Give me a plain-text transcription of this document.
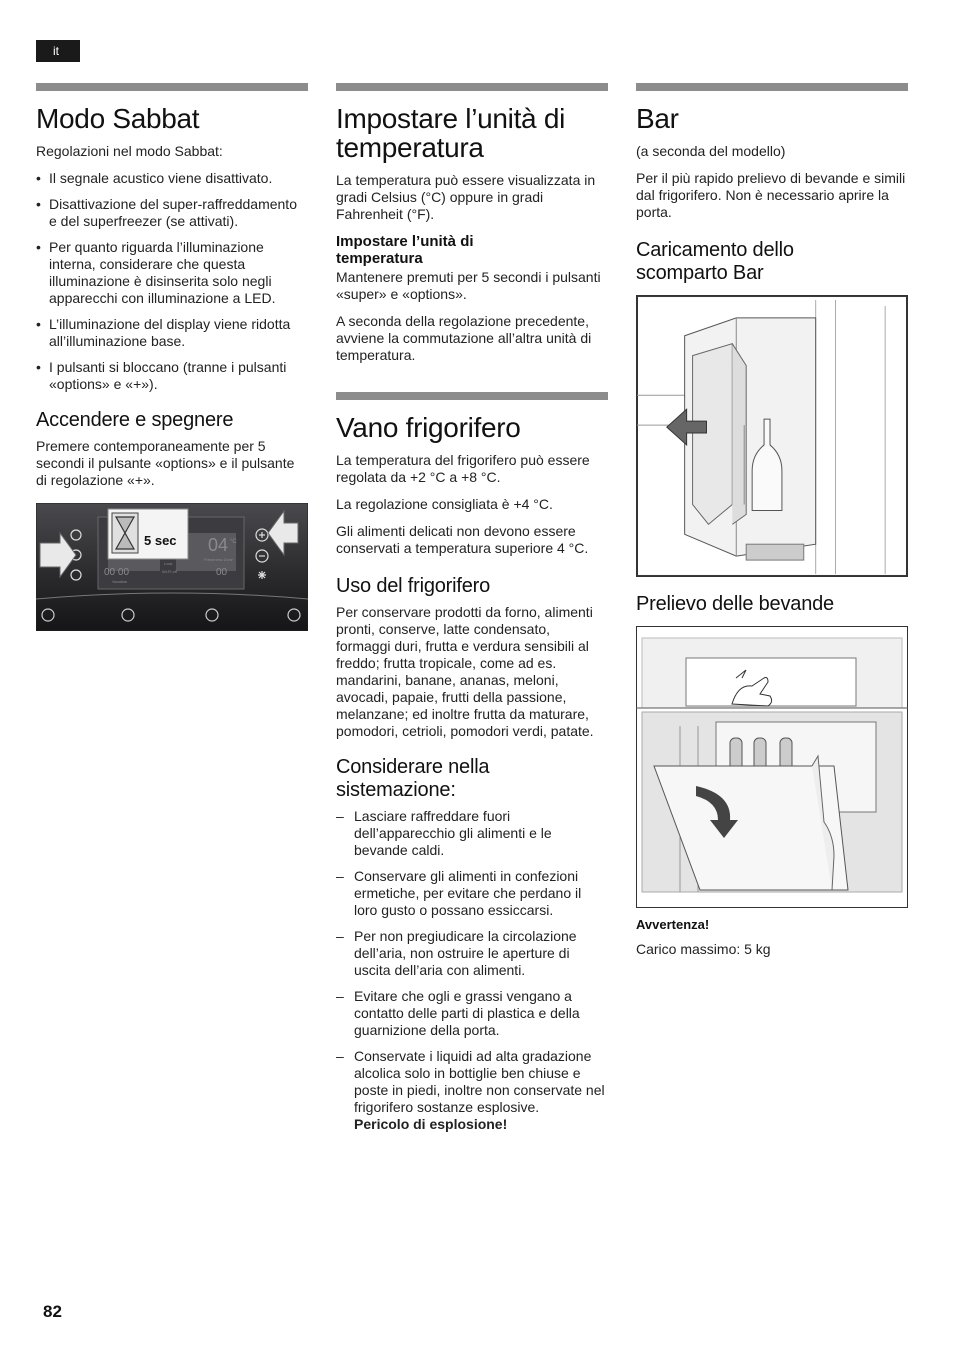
it
Modo Sabbat

Regolazioni nel modo Sabbat:

• Il segnale acustico viene disattivato.
• Disattivazione del super-raffreddamento e del superfreezer (se attivati).
• Per quanto riguarda l’illuminazione interna, considerare che questa illuminazione è disinserita solo negli apparecchi con illuminazione a LED.
• L’illuminazione del display viene ridotta all’illuminazione base.
• I pulsanti si bloccano (tranne i pulsanti «options» e «+»).
Accendere e spegnere

Premere contemporaneamente per 5 secondi il pulsante «options» e il pulsante di regolazione «+».

5 sec 04 °C
Freshness Zone
00
00 00
Lock
Wi-Fi off
Vacation
Impostare l’unità di temperatura

La temperatura può essere visualizzata in gradi Celsius (°C) oppure in gradi Fahrenheit (°F).

Impostare l’unità di temperatura

Mantenere premuti per 5 secondi i pulsanti «super» e «options».

A seconda della regolazione precedente, avviene la commutazione all’altra unità di temperatura.

Vano frigorifero

La temperatura del frigorifero può essere regolata da +2 °C a +8 °C.

La regolazione consigliata è +4 °C.

Gli alimenti delicati non devono essere conservati a temperatura superiore 4 °C.

Uso del frigorifero

Per conservare prodotti da forno, alimenti pronti, conserve, latte condensato, formaggi duri, frutta e verdura sensibili al freddo; frutta tropicale, come ad es. mandarini, banane, ananas, meloni, avocadi, papaie, frutti della passione, melanzane; ed inoltre frutta da maturare, pomodori, cetrioli, pomodori verdi, patate.

Considerare nella sistemazione:
– Lasciare raffreddare fuori dell’apparecchio gli alimenti e le bevande caldi.
– Conservare gli alimenti in confezioni ermetiche, per evitare che perdano il loro gusto o possano essiccarsi.
– Per non pregiudicare la circolazione dell’aria, non ostruire le aperture di uscita dell’aria con alimenti.
– Evitare che ogli e grassi vengano a contatto delle parti di plastica e della guarnizione della porta.
– Conservate i liquidi ad alta gradazione alcolica solo in bottiglie ben chiuse e poste in piedi, inoltre non conservate nel frigorifero sostanze esplosive.
Pericolo di esplosione!
Bar

(a seconda del modello)

Per il più rapido prelievo di bevande e simili dal frigorifero. Non è necessario aprire la porta.

Caricamento dello scomparto Bar
Prelievo delle bevande

Avvertenza!

Carico massimo: 5 kg

82
